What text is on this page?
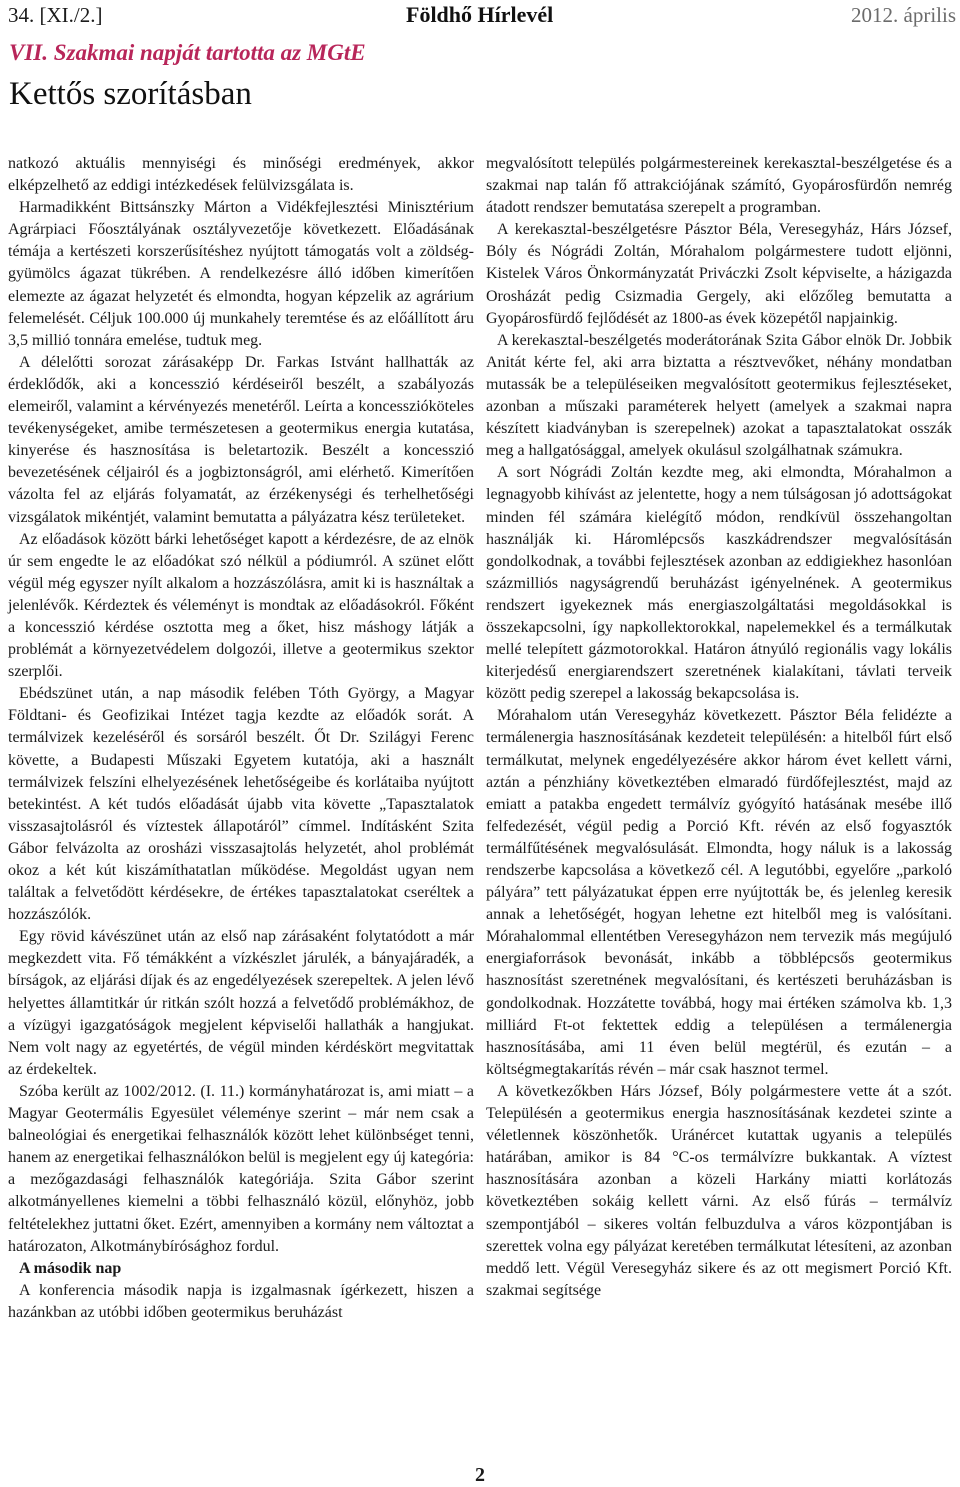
34. [XI./2.]	Földhő Hírlevél	2012. április
VII. Szakmai napját tartotta az MGtE
Kettős szorításban

natkozó aktuális mennyiségi és minőségi eredmények, akkor elképzelhető az eddigi intézkedések felülvizsgálata is.

Harmadikként Bittsánszky Márton a Vidékfejlesztési Minisztérium Agrárpiaci Főosztályának osztályvezetője következett. Előadásának témája a kertészeti korszerűsítéshez nyújtott támogatás volt a zöldség-gyümölcs ágazat tükrében. A rendelkezésre álló időben kimerítően elemezte az ágazat helyzetét és elmondta, hogyan képzelik az agrárium felemelését. Céljuk 100.000 új munkahely teremtése és az előállított áru 3,5 millió tonnára emelése, tudtuk meg.

A délelőtti sorozat zárásaképp Dr. Farkas Istvánt hallhatták az érdeklődők, aki a koncesszió kérdéseiről beszélt, a szabályozás elemeiről, valamint a kérvényezés menetéről. Leírta a koncesszióköteles tevékenységeket, amibe természetesen a geotermikus energia kutatása, kinyerése és hasznosítása is beletartozik. Beszélt a koncesszió bevezetésének céljairól és a jogbiztonságról, ami elérhető. Kimerítően vázolta fel az eljárás folyamatát, az érzékenységi és terhelhetőségi vizsgálatok mikéntjét, valamint bemutatta a pályázatra kész területeket.

Az előadások között bárki lehetőséget kapott a kérdezésre, de az elnök úr sem engedte le az előadókat szó nélkül a pódiumról. A szünet előtt végül még egyszer nyílt alkalom a hozzászólásra, amit ki is használtak a jelenlévők. Kérdeztek és véleményt is mondtak az előadásokról. Főként a koncesszió kérdése osztotta meg a őket, hisz máshogy látják a problémát a környezetvédelem dolgozói, illetve a geotermikus szektor szerplői.

Ebédszünet után, a nap második felében Tóth György, a Magyar Földtani- és Geofizikai Intézet tagja kezdte az előadók sorát. A termálvizek kezeléséről és sorsáról beszélt. Őt Dr. Szilágyi Ferenc követte, a Budapesti Műszaki Egyetem kutatója, aki a használt termálvizek felszíni elhelyezésének lehetőségeibe és korlátaiba nyújtott betekintést. A két tudós előadását újabb vita követte „Tapasztalatok visszasajtolásról és víztestek állapotáról” címmel. Indításként Szita Gábor felvázolta az orosházi visszasajtolás helyzetét, ahol problémát okoz a két kút kiszámíthatatlan működése. Megoldást ugyan nem találtak a felvetődött kérdésekre, de értékes tapasztalatokat cseréltek a hozzászólók.

Egy rövid kávészünet után az első nap zárásaként folytatódott a már megkezdett vita. Fő témákként a vízkészlet járulék, a bányajáradék, a bírságok, az eljárási díjak és az engedélyezések szerepeltek. A jelen lévő helyettes államtitkár úr ritkán szólt hozzá a felvetődő problémákhoz, de a vízügyi igazgatóságok megjelent képviselői hallathák a hangjukat. Nem volt nagy az egyetértés, de végül minden kérdéskört megvitattak az érdekeltek.

Szóba került az 1002/2012. (I. 11.) kormányhatározat is, ami miatt – a Magyar Geotermális Egyesület véleménye szerint – már nem csak a balneológiai és energetikai felhasználók között lehet különbséget tenni, hanem az energetikai felhasználókon belül is megjelent egy új kategória: a mezőgazdasági felhasználók kategóriája. Szita Gábor szerint alkotmányellenes kiemelni a többi felhasználó közül, előnyhöz, jobb feltételekhez juttatni őket. Ezért, amennyiben a kormány nem változtat a határozaton, Alkotmánybírósághoz fordul.

A második nap

A konferencia második napja is izgalmasnak ígérkezett, hiszen a hazánkban az utóbbi időben geotermikus beruházást

megvalósított település polgármestereinek kerekasztal-beszélgetése és a szakmai nap talán fő attrakciójának számító, Gyopárosfürdőn nemrég átadott rendszer bemutatása szerepelt a programban.

A kerekasztal-beszélgetésre Pásztor Béla, Veresegyház, Hárs József, Bóly és Nógrádi Zoltán, Mórahalom polgármestere tudott eljönni, Kistelek Város Önkormányzatát Priváczki Zsolt képviselte, a házigazda Orosházát pedig Csizmadia Gergely, aki előzőleg bemutatta a Gyopárosfürdő fejlődését az 1800-as évek közepétől napjainkig.

A kerekasztal-beszélgetés moderátorának Szita Gábor elnök Dr. Jobbik Anitát kérte fel, aki arra biztatta a résztvevőket, néhány mondatban mutassák be a településeiken megvalósított geotermikus fejlesztéseket, azonban a műszaki paraméterek helyett (amelyek a szakmai napra készített kiadványban is szerepelnek) azokat a tapasztalatokat osszák meg a hallgatósággal, amelyek okulásul szolgálhatnak számukra.

A sort Nógrádi Zoltán kezdte meg, aki elmondta, Mórahalmon a legnagyobb kihívást az jelentette, hogy a nem túlságosan jó adottságokat minden fél számára kielégítő módon, rendkívül összehangoltan használják ki. Háromlépcsős kaszkádrendszer megvalósításán gondolkodnak, a további fejlesztések azonban az eddigiekhez hasonlóan százmilliós nagyságrendű beruházást igényelnének. A geotermikus rendszert igyekeznek más energiaszolgáltatási megoldásokkal is összekapcsolni, így napkollektorokkal, napelemekkel és a termálkutak mellé telepített gázmotorokkal. Határon átnyúló regionális vagy lokális kiterjedésű energiarendszert szeretnének kialakítani, távlati terveik között pedig szerepel a lakosság bekapcsolása is.

Mórahalom után Veresegyház következett. Pásztor Béla felidézte a termálenergia hasznosításának kezdeteit településén: a hitelből fúrt első termálkutat, melynek engedélyezésére akkor három évet kellett várni, aztán a pénzhiány következtében elmaradó fürdőfejlesztést, majd az emiatt a patakba engedett termálvíz gyógyító hatásának mesébe illő felfedezését, végül pedig a Porció Kft. révén az első fogyasztók termálfűtésének megvalósulását. Elmondta, hogy náluk is a lakosság rendszerbe kapcsolása a következő cél. A legutóbbi, egyelőre „parkoló pályára” tett pályázatukat éppen erre nyújtották be, és jelenleg keresik annak a lehetőségét, hogyan lehetne ezt hitelből meg is valósítani. Mórahalommal ellentétben Veresegyházon nem tervezik más megújuló energiaforrások bevonását, inkább a többlépcsős geotermikus hasznosítást szeretnének megvalósítani, és kertészeti beruházásban is gondolkodnak. Hozzátette továbbá, hogy mai értéken számolva kb. 1,3 milliárd Ft-ot fektettek eddig a településen a termálenergia hasznosításába, ami 11 éven belül megtérül, és ezután – a költségmegtakarítás révén – már csak hasznot termel.

A következőkben Hárs József, Bóly polgármestere vette át a szót. Településén a geotermikus energia hasznosításának kezdetei szinte a véletlennek köszönhetők. Uránércet kutattak ugyanis a település határában, amikor is 84 °C-os termálvízre bukkantak. A víztest hasznosítására azonban a közeli Harkány miatti korlátozás következtében sokáig kellett várni. Az első fúrás – termálvíz szempontjából – sikeres voltán felbuzdulva a város központjában is szerettek volna egy pályázat keretében termálkutat létesíteni, az azonban meddő lett. Végül Veresegyház sikere és az ott megismert Porció Kft. szakmai segítsége

2
